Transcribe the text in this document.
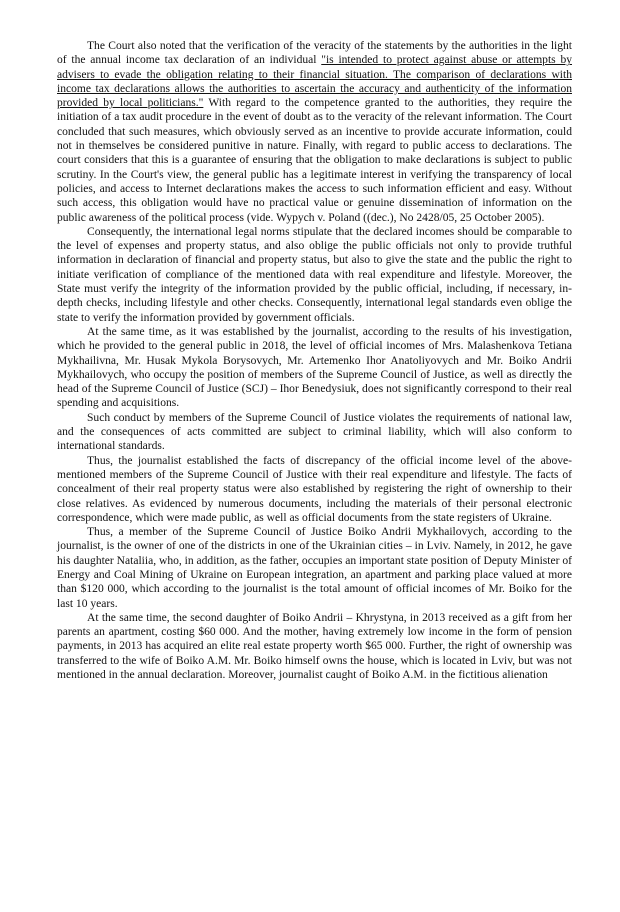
The Court also noted that the verification of the veracity of the statements by the authorities in the light of the annual income tax declaration of an individual "is intended to protect against abuse or attempts by advisers to evade the obligation relating to their financial situation. The comparison of declarations with income tax declarations allows the authorities to ascertain the accuracy and authenticity of the information provided by local politicians." With regard to the competence granted to the authorities, they require the initiation of a tax audit procedure in the event of doubt as to the veracity of the relevant information. The Court concluded that such measures, which obviously served as an incentive to provide accurate information, could not in themselves be considered punitive in nature. Finally, with regard to public access to declarations. The court considers that this is a guarantee of ensuring that the obligation to make declarations is subject to public scrutiny. In the Court's view, the general public has a legitimate interest in verifying the transparency of local policies, and access to Internet declarations makes the access to such information efficient and easy. Without such access, this obligation would have no practical value or genuine dissemination of information on the public awareness of the political process (vide. Wypych v. Poland ((dec.), No 2428/05, 25 October 2005).

Consequently, the international legal norms stipulate that the declared incomes should be comparable to the level of expenses and property status, and also oblige the public officials not only to provide truthful information in declaration of financial and property status, but also to give the state and the public the right to initiate verification of compliance of the mentioned data with real expenditure and lifestyle. Moreover, the State must verify the integrity of the information provided by the public official, including, if necessary, in-depth checks, including lifestyle and other checks. Consequently, international legal standards even oblige the state to verify the information provided by government officials.

At the same time, as it was established by the journalist, according to the results of his investigation, which he provided to the general public in 2018, the level of official incomes of Mrs. Malashenkova Tetiana Mykhailivna, Mr. Husak Mykola Borysovych, Mr. Artemenko Ihor Anatoliyovych and Mr. Boiko Andrii Mykhailovych, who occupy the position of members of the Supreme Council of Justice, as well as directly the head of the Supreme Council of Justice (SCJ) – Ihor Benedysiuk, does not significantly correspond to their real spending and acquisitions.

Such conduct by members of the Supreme Council of Justice violates the requirements of national law, and the consequences of acts committed are subject to criminal liability, which will also conform to international standards.

Thus, the journalist established the facts of discrepancy of the official income level of the above-mentioned members of the Supreme Council of Justice with their real expenditure and lifestyle. The facts of concealment of their real property status were also established by registering the right of ownership to their close relatives. As evidenced by numerous documents, including the materials of their personal electronic correspondence, which were made public, as well as official documents from the state registers of Ukraine.

Thus, a member of the Supreme Council of Justice Boiko Andrii Mykhailovych, according to the journalist, is the owner of one of the districts in one of the Ukrainian cities – in Lviv. Namely, in 2012, he gave his daughter Nataliia, who, in addition, as the father, occupies an important state position of Deputy Minister of Energy and Coal Mining of Ukraine on European integration, an apartment and parking place valued at more than $120 000, which according to the journalist is the total amount of official incomes of Mr. Boiko for the last 10 years.

At the same time, the second daughter of Boiko Andrii – Khrystyna, in 2013 received as a gift from her parents an apartment, costing $60 000. And the mother, having extremely low income in the form of pension payments, in 2013 has acquired an elite real estate property worth $65 000. Further, the right of ownership was transferred to the wife of Boiko A.M. Mr. Boiko himself owns the house, which is located in Lviv, but was not mentioned in the annual declaration. Moreover, journalist caught of Boiko A.M. in the fictitious alienation
